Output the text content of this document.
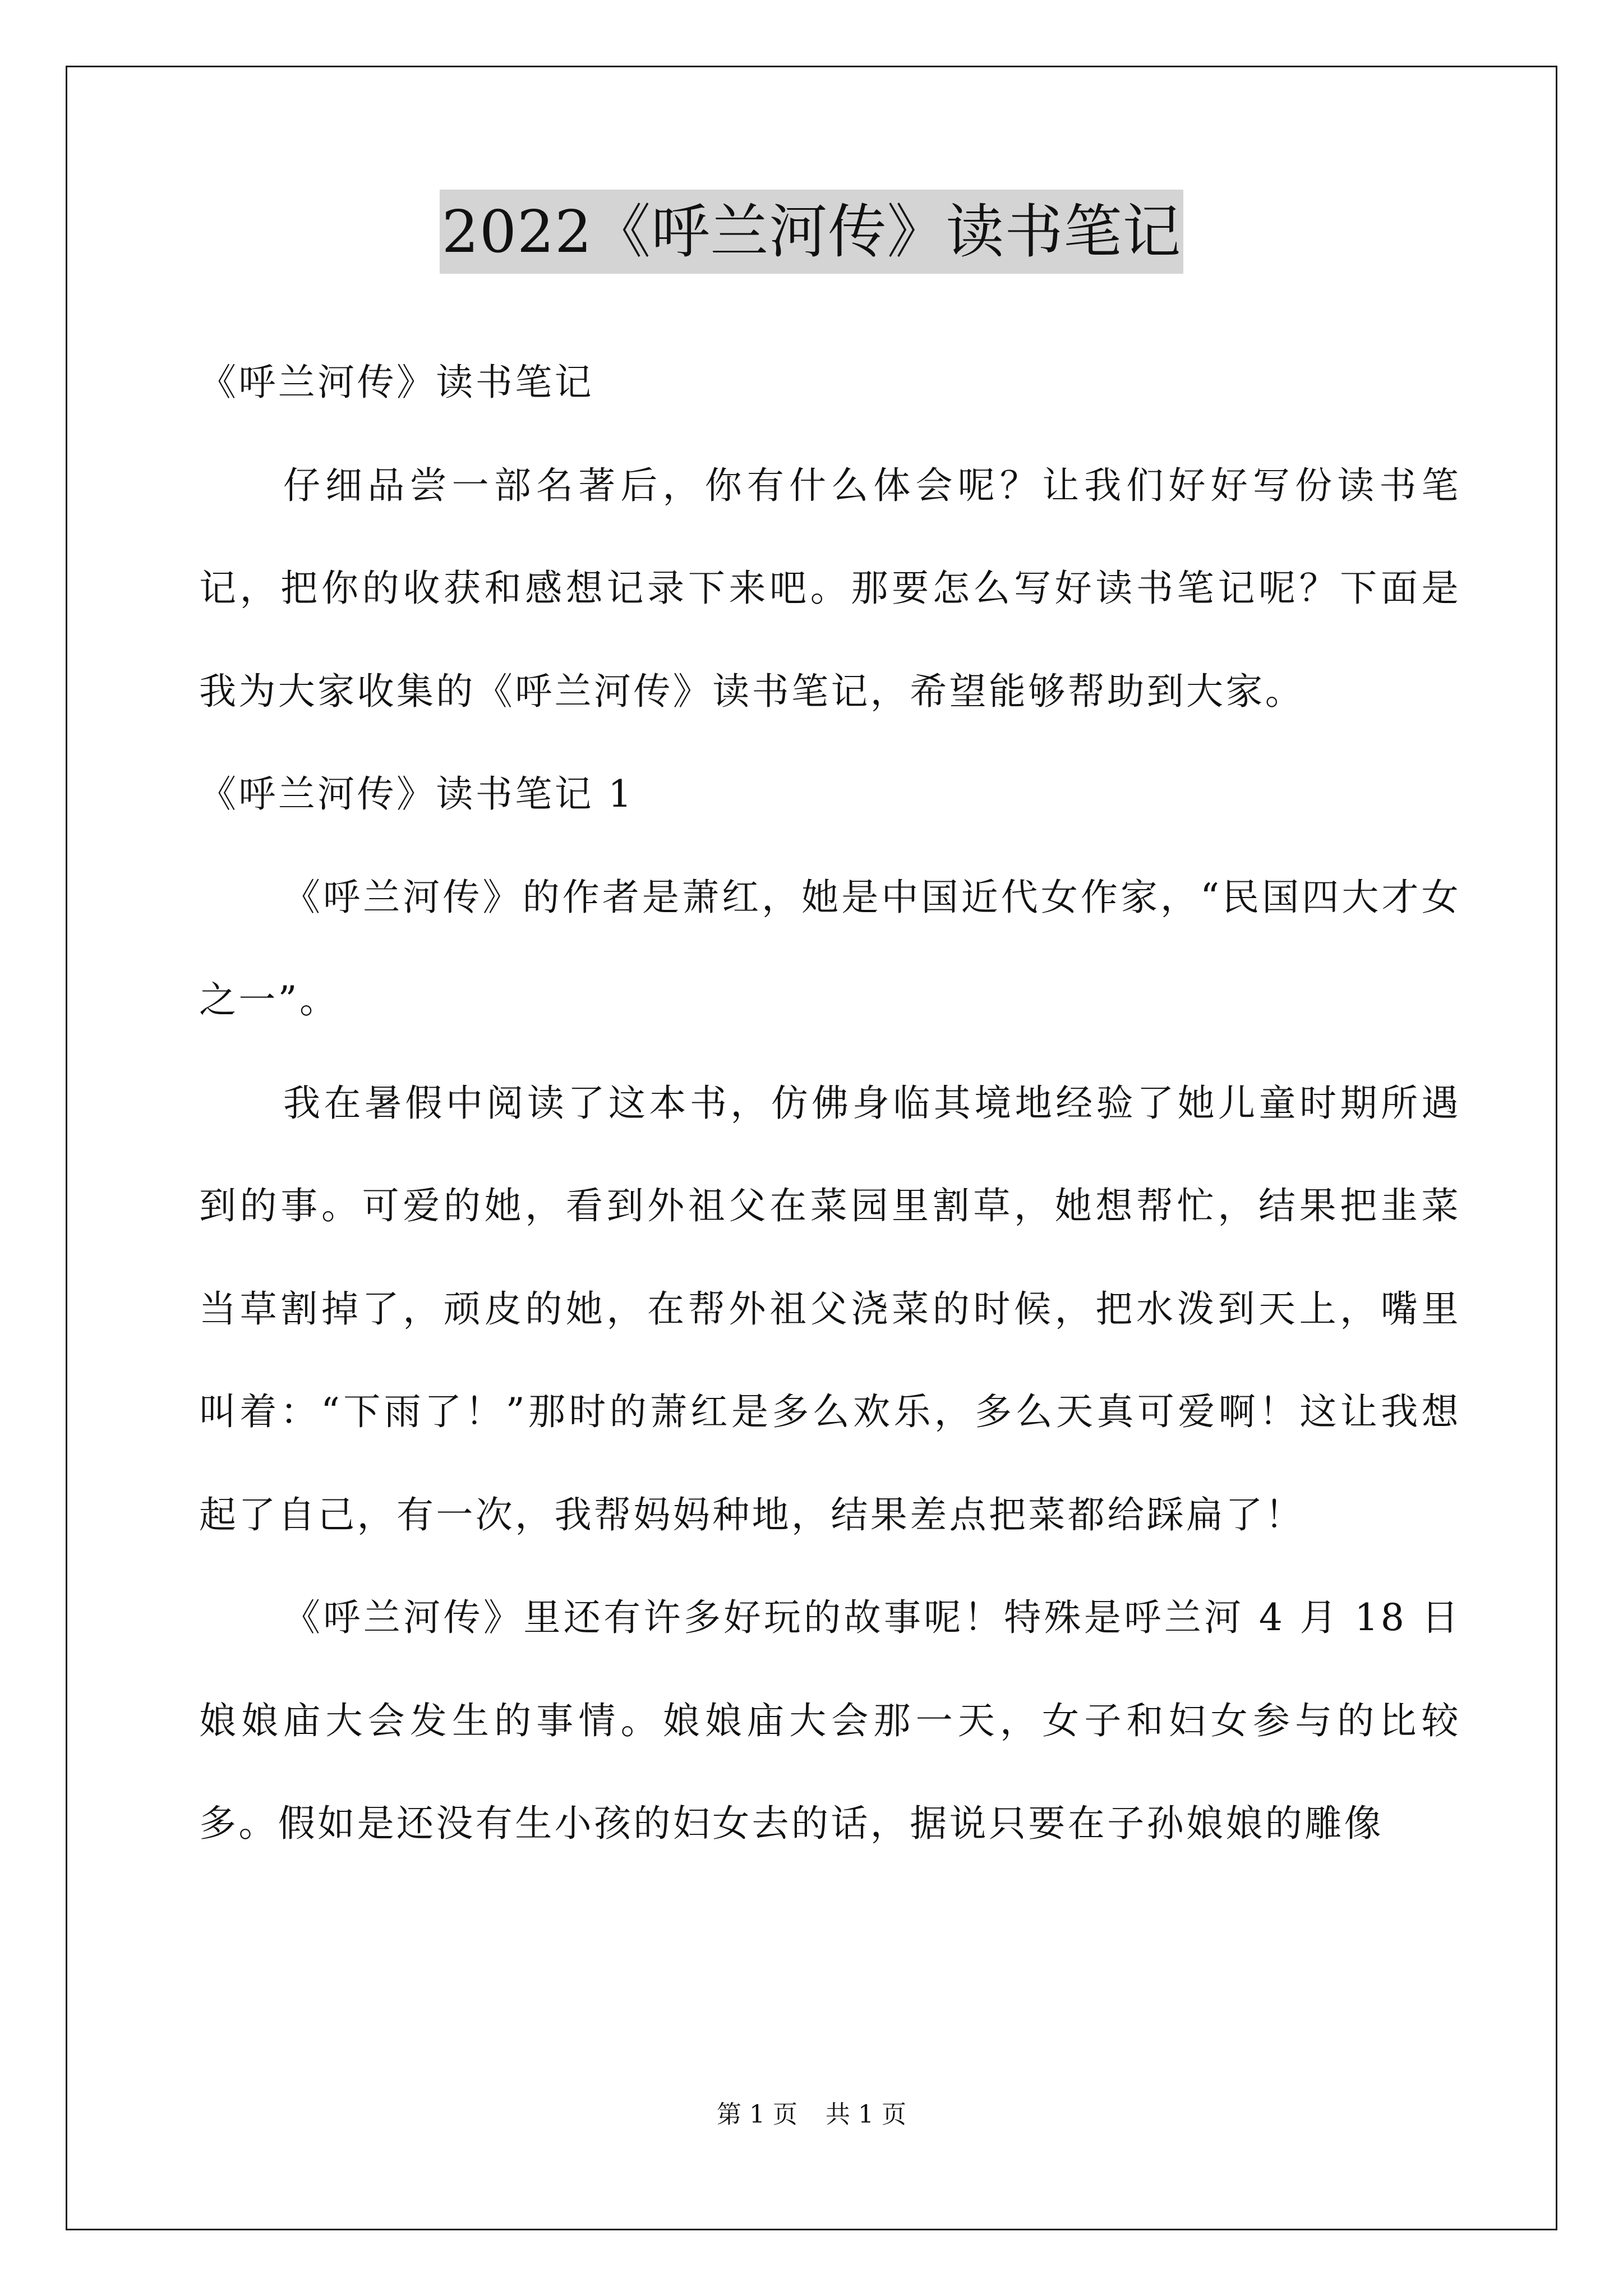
2022《呼兰河传》读书笔记

《呼兰河传》读书笔记

仔细品尝一部名著后，你有什么体会呢？让我们好好写份读书笔记，把你的收获和感想记录下来吧。那要怎么写好读书笔记呢？下面是我为大家收集的《呼兰河传》读书笔记，希望能够帮助到大家。

《呼兰河传》读书笔记 1

《呼兰河传》的作者是萧红，她是中国近代女作家，“民国四大才女之一”。

我在暑假中阅读了这本书，仿佛身临其境地经验了她儿童时期所遇到的事。可爱的她，看到外祖父在菜园里割草，她想帮忙，结果把韭菜当草割掉了，顽皮的她，在帮外祖父浇菜的时候，把水泼到天上，嘴里叫着：“下雨了！”那时的萧红是多么欢乐，多么天真可爱啊！这让我想起了自己，有一次，我帮妈妈种地，结果差点把菜都给踩扁了！

《呼兰河传》里还有许多好玩的故事呢！特殊是呼兰河 4 月 18 日娘娘庙大会发生的事情。娘娘庙大会那一天，女子和妇女参与的比较多。假如是还没有生小孩的妇女去的话，据说只要在子孙娘娘的雕像

第 1 页 共 1 页
